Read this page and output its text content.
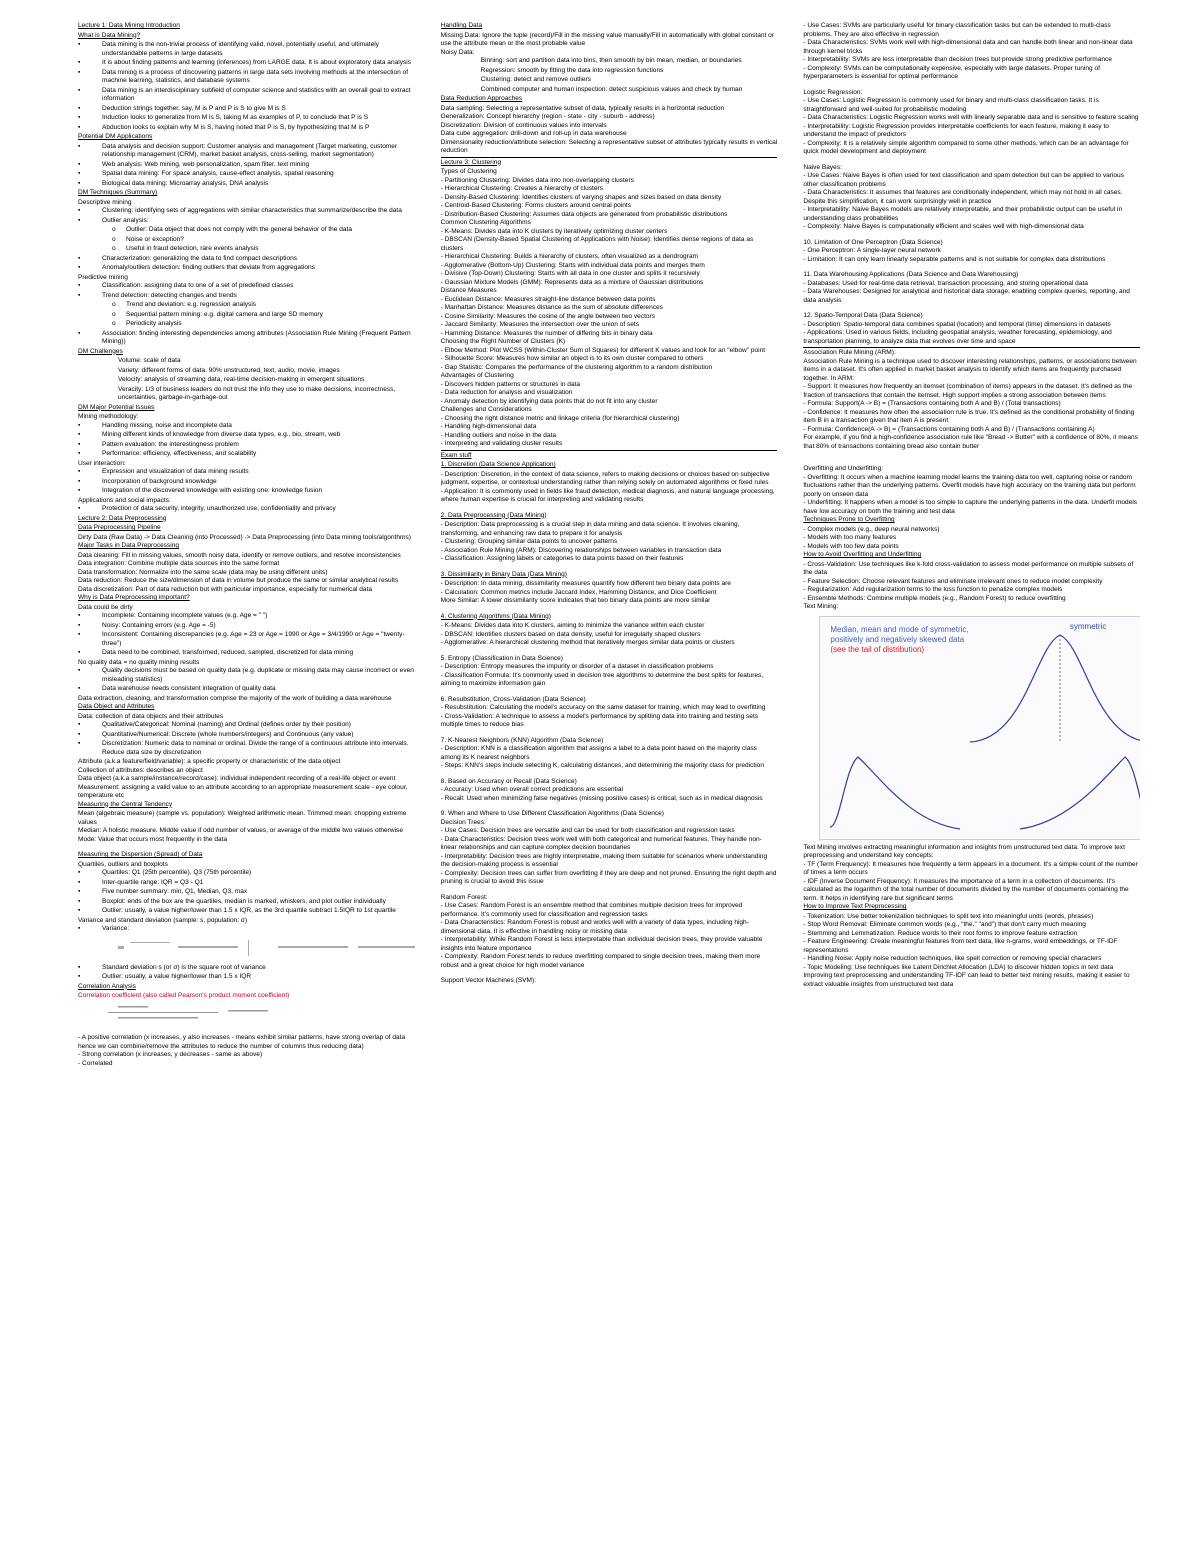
Lecture 1: Data Mining Introduction
What is Data Mining?
▪ Data mining is the non-trivial process of identifying valid, novel, potentially useful, and ultimately understandable patterns in large datasets
▪ It is about finding patterns and learning (inferences) from LARGE data. It is about exploratory data analysis
▪ Data mining is a process of discovering patterns in large data sets involving methods at the intersection of machine learning, statistics, and database systems
▪ Data mining is an interdisciplinary subfield of computer science and statistics with an overall goal to extract information
▪ Deduction strings together, say, M is P and P is S to give M is S
▪ Induction looks to generalize from M is S, taking M as examples of P, to conclude that P is S
▪ Abduction looks to explain why M is S, having noted that P is S, by hypothesizing that M is P
Potential DM Applications
▪ Data analysis and decision support: Customer analysis and management (Target marketing, customer relationship management (CRM), market basket analysis, cross-selling, market segmentation)
▪ Web analysis: Web mining, web personalization, spam filter, text mining
▪ Spatial data mining: For space analysis, cause-effect analysis, spatial reasoning
▪ Biological data mining: Microarray analysis, DNA analysis
DM Techniques (Summary)
Descriptive mining
▪ Clustering: identifying sets of aggregations with similar characteristics that summarize/describe the data
▪ Outlier analysis:
o Outlier: Data object that does not comply with the general behavior of the data
o Noise or exception?
o Useful in fraud detection, rare events analysis
▪ Characterization: generalizing the data to find compact descriptions
▪ Anomaly/outliers detection: finding outliers that deviate from aggregations
Predictive mining
▪ Classification: assigning data to one of a set of predefined classes
▪ Trend detection: detecting changes and trends
o Trend and deviation: e.g. regression analysis
o Sequential pattern mining: e.g. digital camera and large SD memory
o Periodicity analysis
▪ Association: finding interesting dependencies among attributes (Association Rule Mining (Frequent Pattern Mining))
DM Challenges
Volume: scale of data
Variety: different forms of data. 90% unstructured, text, audio, movie, images
Velocity: analysis of streaming data, real-time decision-making in emergent situations
Veracity: 1/3 of business leaders do not trust the info they use to make decisions, incorrectness, uncertainties, garbage-in-garbage-out
DM Major Potential Issues
Mining methodology:
▪ Handling missing, noise and incomplete data
▪ Mining different kinds of knowledge from diverse data types, e.g., bio, stream, web
▪ Pattern evaluation: the interestingness problem
▪ Performance: efficiency, effectiveness, and scalability
User interaction:
▪ Expression and visualization of data mining results
▪ Incorporation of background knowledge
▪ Integration of the discovered knowledge with existing one: knowledge fusion
Applications and social impacts:
▪ Protection of data security, integrity, unauthorized use, confidentiality and privacy
Lecture 2: Data Preprocessing
Data Preprocessing Pipeline
Dirty Data (Raw Data) -> Data Cleaning (into Processed) -> Data Preprocessing (into Data mining tools/algorithms)
Major Tasks in Data Preprocessing
Data cleaning: Fill in missing values, smooth noisy data, identify or remove outliers, and resolve inconsistencies
Data integration: Combine multiple data sources into the same format
Data transformation: Normalize into the same scale (data may be using different units)
Data reduction: Reduce the size/dimension of data in volume but produce the same or similar analytical results
Data discretization: Part of data reduction but with particular importance, especially for numerical data
Why is Data Preprocessing important?
Data could be dirty
▪ Incomplete: Containing incomplete values (e.g. Age = " ")
▪ Noisy: Containing errors (e.g. Age = -5)
▪ Inconsistent: Containing discrepancies (e.g. Age = 23 or Age = 1990 or Age = 3/4/1990 or Age = "twenty-three")
▪ Data need to be combined, transformed, reduced, sampled, discretized for data mining
No quality data = no quality mining results
▪ Quality decisions must be based on quality data (e.g. duplicate or missing data may cause incorrect or even misleading statistics)
▪ Data warehouse needs consistent integration of quality data
Data extraction, cleaning, and transformation comprise the majority of the work of building a data warehouse
Data Object and Attributes
Data: collection of data objects and their attributes
▪ Qualitative/Categorical: Nominal (naming) and Ordinal (defines order by their position)
▪ Quantitative/Numerical: Discrete (whole numbers/integers) and Continuous (any value)
▪ Discretization: Numeric data to nominal or ordinal. Divide the range of a continuous attribute into intervals. Reduce data size by discretization
Attribute (a.k.a feature/field/variable): a specific property or characteristic of the data object
Collection of attributes: describes an object
Data object (a.k.a sample/instance/record/case): individual independent recording of a real-life object or event
Measurement: assigning a valid value to an attribute according to an appropriate measurement scale - eye colour, temperature etc
Measuring the Central Tendency
Mean (algebraic measure) (sample vs. population): Weighted arithmetic mean. Trimmed mean: chopping extreme values
Median: A holistic measure. Middle value if odd number of values, or average of the middle two values otherwise
Mode: Value that occurs most frequently in the data
Measuring the Dispersion (Spread) of Data
Quartiles, outliers and boxplots
▪ Quartiles: Q1 (25th percentile), Q3 (75th percentile)
▪ Inter-quartile range: IQR = Q3 - Q1
▪ Five number summary: min, Q1, Median, Q3, max
▪ Boxplot: ends of the box are the quartiles, median is marked, whiskers, and plot outlier individually
▪ Outlier: usually, a value higher/lower than 1.5 x IQR, as the 3rd quartile subtract 1.5IQR to 1st quartile
Variance and standard deviation (sample: s, population: σ)
▪ Variance:
▪ Standard deviation s (or σ) is the square root of variance
▪ Outlier: usually, a value higher/lower than 1.5 x IQR
Correlation Analysis
Correlation coefficient (also called Pearson's product moment coefficient)
- A positive correlation (x increases, y also increases - means exhibit similar patterns, have strong overlap of data hence we can combine/remove the attributes to reduce the number of columns thus reducing data)
- Strong correlation (x increases, y decreases - same as above)
- Correlated
Handling Data
Missing Data: Ignore the tuple (record)/Fill in the missing value manually/Fill in automatically with global constant or use the attribute mean or the most probable value
Noisy Data:
Binning: sort and partition data into bins, then smooth by bin mean, median, or boundaries
Regression: smooth by fitting the data into regression functions
Clustering: detect and remove outliers
Combined computer and human inspection: detect suspicious values and check by human
Data Reduction Approaches
Data sampling: Selecting a representative subset of data, typically results in a horizontal reduction
Generalization: Concept hierarchy (region - state - city - suburb - address)
Discretization: Division of continuous values into intervals
Data cube aggregation: drill-down and roll-up in data warehouse
Dimensionality reduction/attribute selection: Selecting a representative subset of attributes typically results in vertical reduction
Lecture 3: Clustering
Types of Clustering
- Partitioning Clustering: Divides data into non-overlapping clusters
- Hierarchical Clustering: Creates a hierarchy of clusters
- Density-Based Clustering: Identifies clusters of varying shapes and sizes based on data density
- Centroid-Based Clustering: Forms clusters around central points
- Distribution-Based Clustering: Assumes data objects are generated from probabilistic distributions
Common Clustering Algorithms
- K-Means: Divides data into K clusters by iteratively optimizing cluster centers
- DBSCAN (Density-Based Spatial Clustering of Applications with Noise): Identifies dense regions of data as clusters
- Hierarchical Clustering: Builds a hierarchy of clusters, often visualized as a dendrogram
- Agglomerative (Bottom-Up) Clustering: Starts with individual data points and merges them
- Divisive (Top-Down) Clustering: Starts with all data in one cluster and splits it recursively
- Gaussian Mixture Models (GMM): Represents data as a mixture of Gaussian distributions
Distance Measures
- Euclidean Distance: Measures straight-line distance between data points
- Manhattan Distance: Measures distance as the sum of absolute differences
- Cosine Similarity: Measures the cosine of the angle between two vectors
- Jaccard Similarity: Measures the intersection over the union of sets
- Hamming Distance: Measures the number of differing bits in binary data
Choosing the Right Number of Clusters (K)
- Elbow Method: Plot WCSS (Within-Cluster Sum of Squares) for different K values and look for an "elbow" point
- Silhouette Score: Measures how similar an object is to its own cluster compared to others
- Gap Statistic: Compares the performance of the clustering algorithm to a random distribution
Advantages of Clustering
- Discovers hidden patterns or structures in data
- Data reduction for analysis and visualization
- Anomaly detection by identifying data points that do not fit into any cluster
Challenges and Considerations
- Choosing the right distance metric and linkage criteria (for hierarchical clustering)
- Handling high-dimensional data
- Handling outliers and noise in the data
- Interpreting and validating cluster results
Exam stuff
1. Discretion (Data Science Application)
- Description: Discretion, in the context of data science, refers to making decisions or choices based on subjective judgment, expertise, or contextual understanding rather than relying solely on automated algorithms or fixed rules
- Application: It is commonly used in fields like fraud detection, medical diagnosis, and natural language processing, where human expertise is crucial for interpreting and validating results
2. Data Preprocessing (Data Mining)
- Description: Data preprocessing is a crucial step in data mining and data science. It involves cleaning, transforming, and enhancing raw data to prepare it for analysis
- Clustering: Grouping similar data points to uncover patterns
- Association Rule Mining (ARM): Discovering relationships between variables in transaction data
- Classification: Assigning labels or categories to data points based on their features
3. Dissimilarity in Binary Data (Data Mining)
- Description: In data mining, dissimilarity measures quantify how different two binary data points are
- Calculation: Common metrics include Jaccard Index, Hamming Distance, and Dice Coefficient
More Similar: A lower dissimilarity score indicates that two binary data points are more similar
4. Clustering Algorithms (Data Mining)
- K-Means: Divides data into K clusters, aiming to minimize the variance within each cluster
- DBSCAN: Identifies clusters based on data density, useful for irregularly shaped clusters
- Agglomerative: A hierarchical clustering method that iteratively merges similar data points or clusters
5. Entropy (Classification in Data Science)
- Description: Entropy measures the impurity or disorder of a dataset in classification problems
- Classification Formula: It's commonly used in decision tree algorithms to determine the best splits for features, aiming to maximize information gain
6. Resubstitution, Cross-Validation (Data Science)
- Resubstitution: Calculating the model's accuracy on the same dataset for training, which may lead to overfitting
- Cross-Validation: A technique to assess a model's performance by splitting data into training and testing sets multiple times to reduce bias
7. K-Nearest Neighbors (KNN) Algorithm (Data Science)
- Description: KNN is a classification algorithm that assigns a label to a data point based on the majority class among its K nearest neighbors
- Steps: KNN's steps include selecting K, calculating distances, and determining the majority class for prediction
8. Based on Accuracy or Recall (Data Science)
- Accuracy: Used when overall correct predictions are essential
- Recall: Used when minimizing false negatives (missing positive cases) is critical, such as in medical diagnosis
9. When and Where to Use Different Classification Algorithms (Data Science)
Decision Trees:
- Use Cases: Decision trees are versatile and can be used for both classification and regression tasks
- Data Characteristics: Decision trees work well with both categorical and numerical features. They handle non-linear relationships and can capture complex decision boundaries
- Interpretability: Decision trees are highly interpretable, making them suitable for scenarios where understanding the decision-making process is essential
- Complexity: Decision trees can suffer from overfitting if they are deep and not pruned. Ensuring the right depth and pruning is crucial to avoid this issue
Random Forest:
- Use Cases: Random Forest is an ensemble method that combines multiple decision trees for improved performance. It's commonly used for classification and regression tasks
- Data Characteristics: Random Forest is robust and works well with a variety of data types, including high-dimensional data. It is effective in handling noisy or missing data
- Interpretability: While Random Forest is less interpretable than individual decision trees, they provide valuable insights into feature importance
- Complexity: Random Forest tends to reduce overfitting compared to single decision trees, making them more robust and a great choice for high model variance
Support Vector Machines (SVM):
- Use Cases: SVMs are particularly useful for binary classification tasks but can be extended to multi-class problems. They are also effective in regression
- Data Characteristics: SVMs work well with high-dimensional data and can handle both linear and non-linear data through kernel tricks
- Interpretability: SVMs are less interpretable than decision trees but provide strong predictive performance
- Complexity: SVMs can be computationally expensive, especially with large datasets. Proper tuning of hyperparameters is essential for optimal performance
Logistic Regression:
- Use Cases: Logistic Regression is commonly used for binary and multi-class classification tasks. It is straightforward and well-suited for probabilistic modeling
- Data Characteristics: Logistic Regression works well with linearly separable data and is sensitive to feature scaling
- Interpretability: Logistic Regression provides interpretable coefficients for each feature, making it easy to understand the impact of predictors
- Complexity: It is a relatively simple algorithm compared to some other methods, which can be an advantage for quick model development and deployment
Naive Bayes:
- Use Cases: Naive Bayes is often used for text classification and spam detection but can be applied to various other classification problems
- Data Characteristics: It assumes that features are conditionally independent, which may not hold in all cases. Despite this simplification, it can work surprisingly well in practice
- Interpretability: Naive Bayes models are relatively interpretable, and their probabilistic output can be useful in understanding class probabilities
- Complexity: Naive Bayes is computationally efficient and scales well with high-dimensional data
10. Limitation of One Perceptron (Data Science)
- One Perceptron: A single-layer neural network
- Limitation: It can only learn linearly separable patterns and is not suitable for complex data distributions
11. Data Warehousing Applications (Data Science and Data Warehousing)
- Databases: Used for real-time data retrieval, transaction processing, and storing operational data
- Data Warehouses: Designed for analytical and historical data storage, enabling complex queries, reporting, and data analysis
12. Spatio-Temporal Data (Data Science)
- Description: Spatio-temporal data combines spatial (location) and temporal (time) dimensions in datasets
- Applications: Used in various fields, including geospatial analysis, weather forecasting, epidemiology, and transportation planning, to analyze data that evolves over time and space
Association Rule Mining (ARM):
Association Rule Mining is a technique used to discover interesting relationships, patterns, or associations between items in a dataset. It's often applied in market basket analysis to identify which items are frequently purchased together. In ARM:
- Support: It measures how frequently an itemset (combination of items) appears in the dataset. It's defined as the fraction of transactions that contain the itemset. High support implies a strong association between items
- Formula: Support(A -> B) = (Transactions containing both A and B) / (Total transactions)
- Confidence: It measures how often the association rule is true. It's defined as the conditional probability of finding item B in a transaction given that item A is present
- Formula: Confidence(A -> B) = (Transactions containing both A and B) / (Transactions containing A)
For example, if you find a high-confidence association rule like "Bread -> Butter" with a confidence of 80%, it means that 80% of transactions containing bread also contain butter
Overfitting and Underfitting:
- Overfitting: It occurs when a machine learning model learns the training data too well, capturing noise or random fluctuations rather than the underlying patterns. Overfit models have high accuracy on the training data but perform poorly on unseen data
- Underfitting: It happens when a model is too simple to capture the underlying patterns in the data. Underfit models have low accuracy on both the training and test data
Techniques Prone to Overfitting
- Complex models (e.g., deep neural networks)
- Models with too many features
- Models with too few data points
How to Avoid Overfitting and Underfitting
- Cross-Validation: Use techniques like k-fold cross-validation to assess model performance on multiple subsets of the data
- Feature Selection: Choose relevant features and eliminate irrelevant ones to reduce model complexity
- Regularization: Add regularization terms to the loss function to penalize complex models
- Ensemble Methods: Combine multiple models (e.g., Random Forest) to reduce overfitting
Text Mining:
Median, mean and mode of symmetric,
positively and negatively skewed data
(see the tail of distribution)
symmetric
Text Mining involves extracting meaningful information and insights from unstructured text data. To improve text preprocessing and understand key concepts:
- TF (Term Frequency): It measures how frequently a term appears in a document. It's a simple count of the number of times a term occurs
- IDF (Inverse Document Frequency): It measures the importance of a term in a collection of documents. It's calculated as the logarithm of the total number of documents divided by the number of documents containing the term. It helps in identifying rare but significant terms
How to Improve Text Preprocessing
- Tokenization: Use better tokenization techniques to split text into meaningful units (words, phrases)
- Stop Word Removal: Eliminate common words (e.g., "the," "and") that don't carry much meaning
- Stemming and Lemmatization: Reduce words to their root forms to improve feature extraction
- Feature Engineering: Create meaningful features from text data, like n-grams, word embeddings, or TF-IDF representations
- Handling Noise: Apply noise reduction techniques, like spell correction or removing special characters
- Topic Modeling: Use techniques like Latent Dirichlet Allocation (LDA) to discover hidden topics in text data
Improving text preprocessing and understanding TF-IDF can lead to better text mining results, making it easier to extract valuable insights from unstructured text data
